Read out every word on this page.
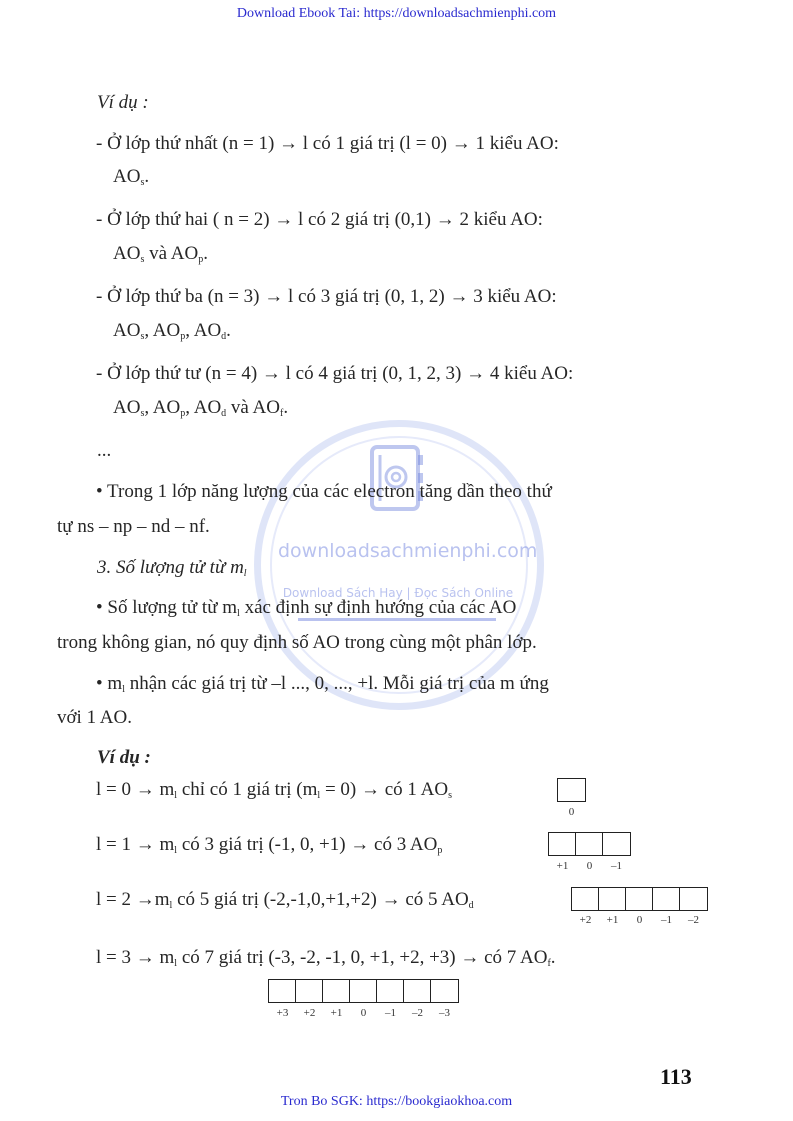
Download Ebook Tai: https://downloadsachmienphi.com
downloadsachmienphi.com
Download Sách Hay | Đọc Sách Online
Ví dụ :
- Ở lớp thứ nhất (n = 1) → l có 1 giá trị (l = 0) → 1 kiểu AO:
$AO_s$.
- Ở lớp thứ hai ( n = 2) → l có 2 giá trị (0,1) → 2 kiểu AO:
$AO_s$ và $AO_p$.
- Ở lớp thứ ba (n = 3) → l có 3 giá trị (0, 1, 2) → 3 kiểu AO:
$AO_s$, $AO_p$, $AO_d$.
- Ở lớp thứ tư (n = 4) → l có 4 giá trị (0, 1, 2, 3) → 4 kiểu AO:
$AO_s$, $AO_p$, $AO_d$ và $AO_f$.
...
• Trong 1 lớp năng lượng của các electron tăng dần theo thứ
tự ns – np – nd – nf.
3. Số lượng tử từ $m_l$
• Số lượng tử từ $m_l$ xác định sự định hướng của các AO
trong không gian, nó quy định số AO trong cùng một phân lớp.
• $m_l$ nhận các giá trị từ –l ..., 0, ..., +l. Mỗi giá trị của m ứng
với 1 AO.
Ví dụ :
$l = 0 \to m_l$ chỉ có 1 giá trị $(m_l = 0)$ → có 1 $AO_s$
0
$l = 1 \to m_l$ có 3 giá trị (-1, 0, +1) → có 3 $AO_p$
+1	0	–1
$l = 2 \to m_l$ có 5 giá trị (-2,-1,0,+1,+2) → có 5 $AO_d$
+2	+1	0	–1	–2
$l = 3 \to m_l$ có 7 giá trị (-3, -2, -1, 0, +1, +2, +3) → có 7 $AO_f$.
+3	+2	+1	0	–1	–2	–3
113
Tron Bo SGK: https://bookgiaokhoa.com
